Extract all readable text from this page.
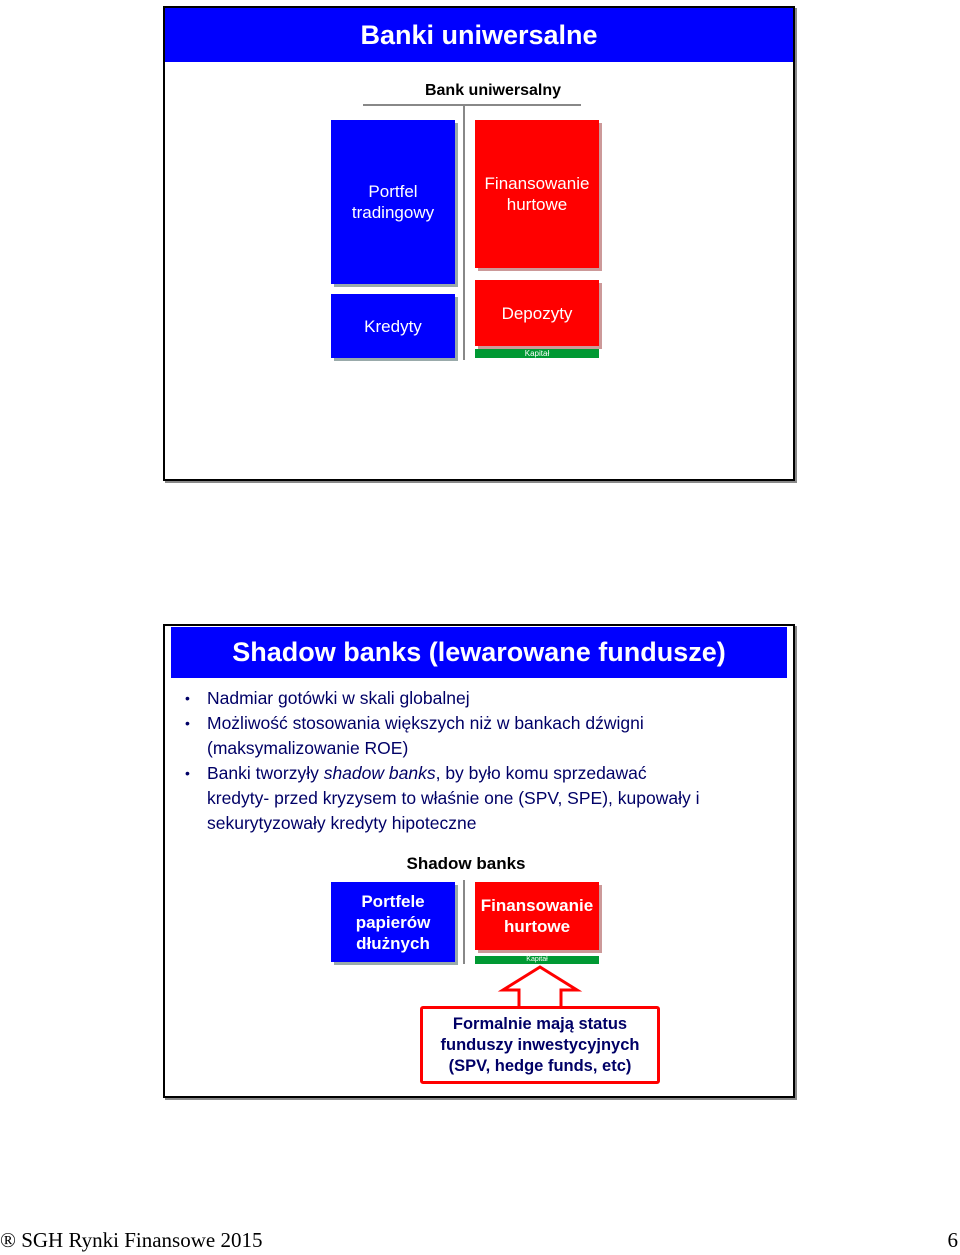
Banki uniwersalne
Bank uniwersalny
Portfel
tradingowy
Kredyty
Finansowanie
hurtowe
Depozyty
Kapitał
Shadow banks (lewarowane fundusze)
• Nadmiar gotówki w skali globalnej
• Możliwość stosowania większych niż w bankach dźwigni
(maksymalizowanie ROE)
• Banki tworzyły shadow banks, by było komu sprzedawać
kredyty- przed kryzysem to właśnie one (SPV, SPE), kupowały i
sekurytyzowały kredyty hipoteczne
Shadow banks
Portfele
papierów
dłużnych
Finansowanie
hurtowe
Kapitał
Formalnie mają status
funduszy inwestycyjnych
(SPV, hedge funds, etc)
® SGH Rynki Finansowe 2015	6
